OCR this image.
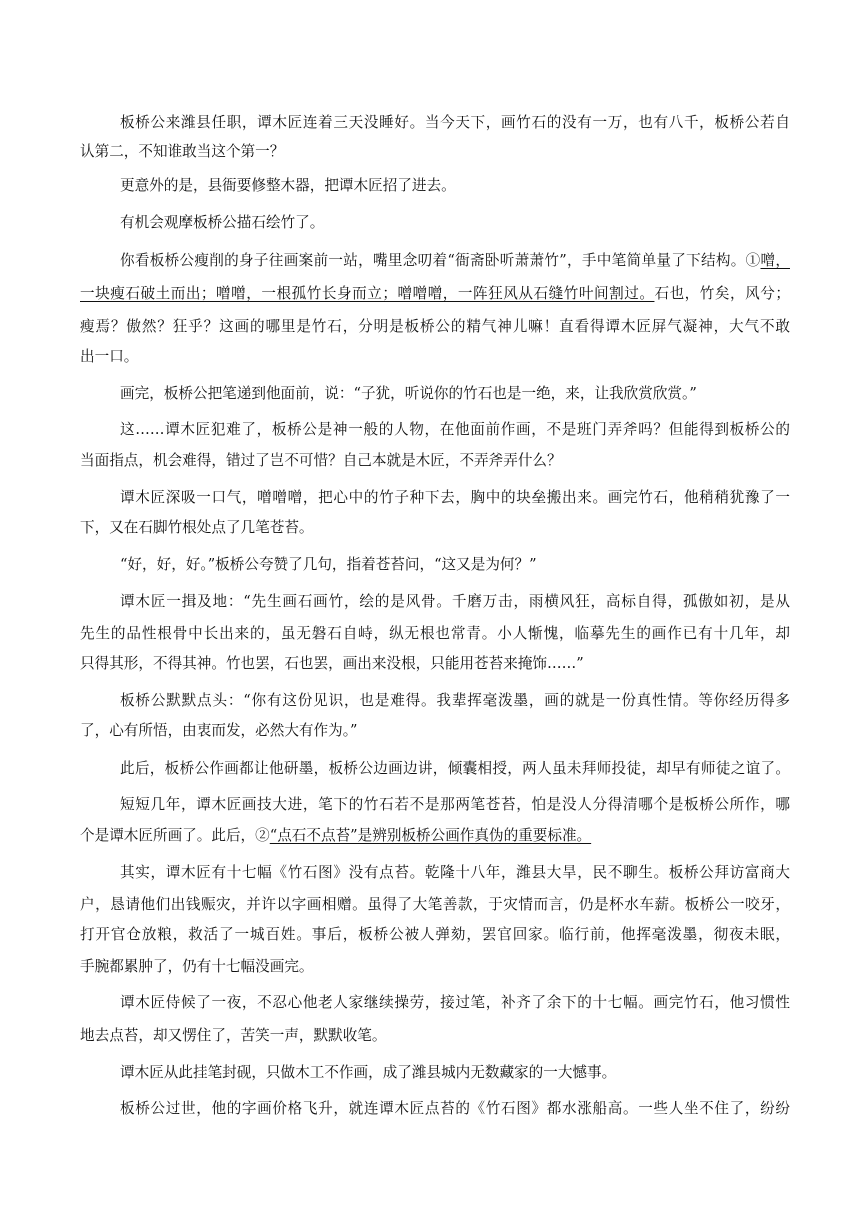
板桥公来潍县任职，谭木匠连着三天没睡好。当今天下，画竹石的没有一万，也有八千，板桥公若自
认第二，不知谁敢当这个第一？
更意外的是，县衙要修整木器，把谭木匠招了进去。
有机会观摩板桥公描石绘竹了。
你看板桥公瘦削的身子往画案前一站，嘴里念叨着“衙斋卧听萧萧竹”，手中笔简单量了下结构。①噌，
一块瘦石破土而出；噌噌，一根孤竹长身而立；噌噌噌，一阵狂风从石缝竹叶间割过。石也，竹矣，风兮；
瘦焉？傲然？狂乎？这画的哪里是竹石，分明是板桥公的精气神儿嘛！直看得谭木匠屏气凝神，大气不敢
出一口。
画完，板桥公把笔递到他面前，说：“子犹，听说你的竹石也是一绝，来，让我欣赏欣赏。”
这……谭木匠犯难了，板桥公是神一般的人物，在他面前作画，不是班门弄斧吗？但能得到板桥公的
当面指点，机会难得，错过了岂不可惜？自己本就是木匠，不弄斧弄什么？
谭木匠深吸一口气，噌噌噌，把心中的竹子种下去，胸中的块垒搬出来。画完竹石，他稍稍犹豫了一
下，又在石脚竹根处点了几笔苍苔。
“好，好，好。”板桥公夸赞了几句，指着苍苔问，“这又是为何？”
谭木匠一揖及地：“先生画石画竹，绘的是风骨。千磨万击，雨横风狂，高标自得，孤傲如初，是从
先生的品性根骨中长出来的，虽无磐石自峙，纵无根也常青。小人惭愧，临摹先生的画作已有十几年，却
只得其形，不得其神。竹也罢，石也罢，画出来没根，只能用苍苔来掩饰……”
板桥公默默点头：“你有这份见识，也是难得。我辈挥毫泼墨，画的就是一份真性情。等你经历得多
了，心有所悟，由衷而发，必然大有作为。”
此后，板桥公作画都让他研墨，板桥公边画边讲，倾囊相授，两人虽未拜师投徒，却早有师徒之谊了。
短短几年，谭木匠画技大进，笔下的竹石若不是那两笔苍苔，怕是没人分得清哪个是板桥公所作，哪
个是谭木匠所画了。此后，②“点石不点苔”是辨别板桥公画作真伪的重要标准。
其实，谭木匠有十七幅《竹石图》没有点苔。乾隆十八年，潍县大旱，民不聊生。板桥公拜访富商大
户，恳请他们出钱赈灾，并许以字画相赠。虽得了大笔善款，于灾情而言，仍是杯水车薪。板桥公一咬牙，
打开官仓放粮，救活了一城百姓。事后，板桥公被人弹劾，罢官回家。临行前，他挥毫泼墨，彻夜未眠，
手腕都累肿了，仍有十七幅没画完。
谭木匠侍候了一夜，不忍心他老人家继续操劳，接过笔，补齐了余下的十七幅。画完竹石，他习惯性
地去点苔，却又愣住了，苦笑一声，默默收笔。
谭木匠从此挂笔封砚，只做木工不作画，成了潍县城内无数藏家的一大憾事。
板桥公过世，他的字画价格飞升，就连谭木匠点苔的《竹石图》都水涨船高。一些人坐不住了，纷纷
